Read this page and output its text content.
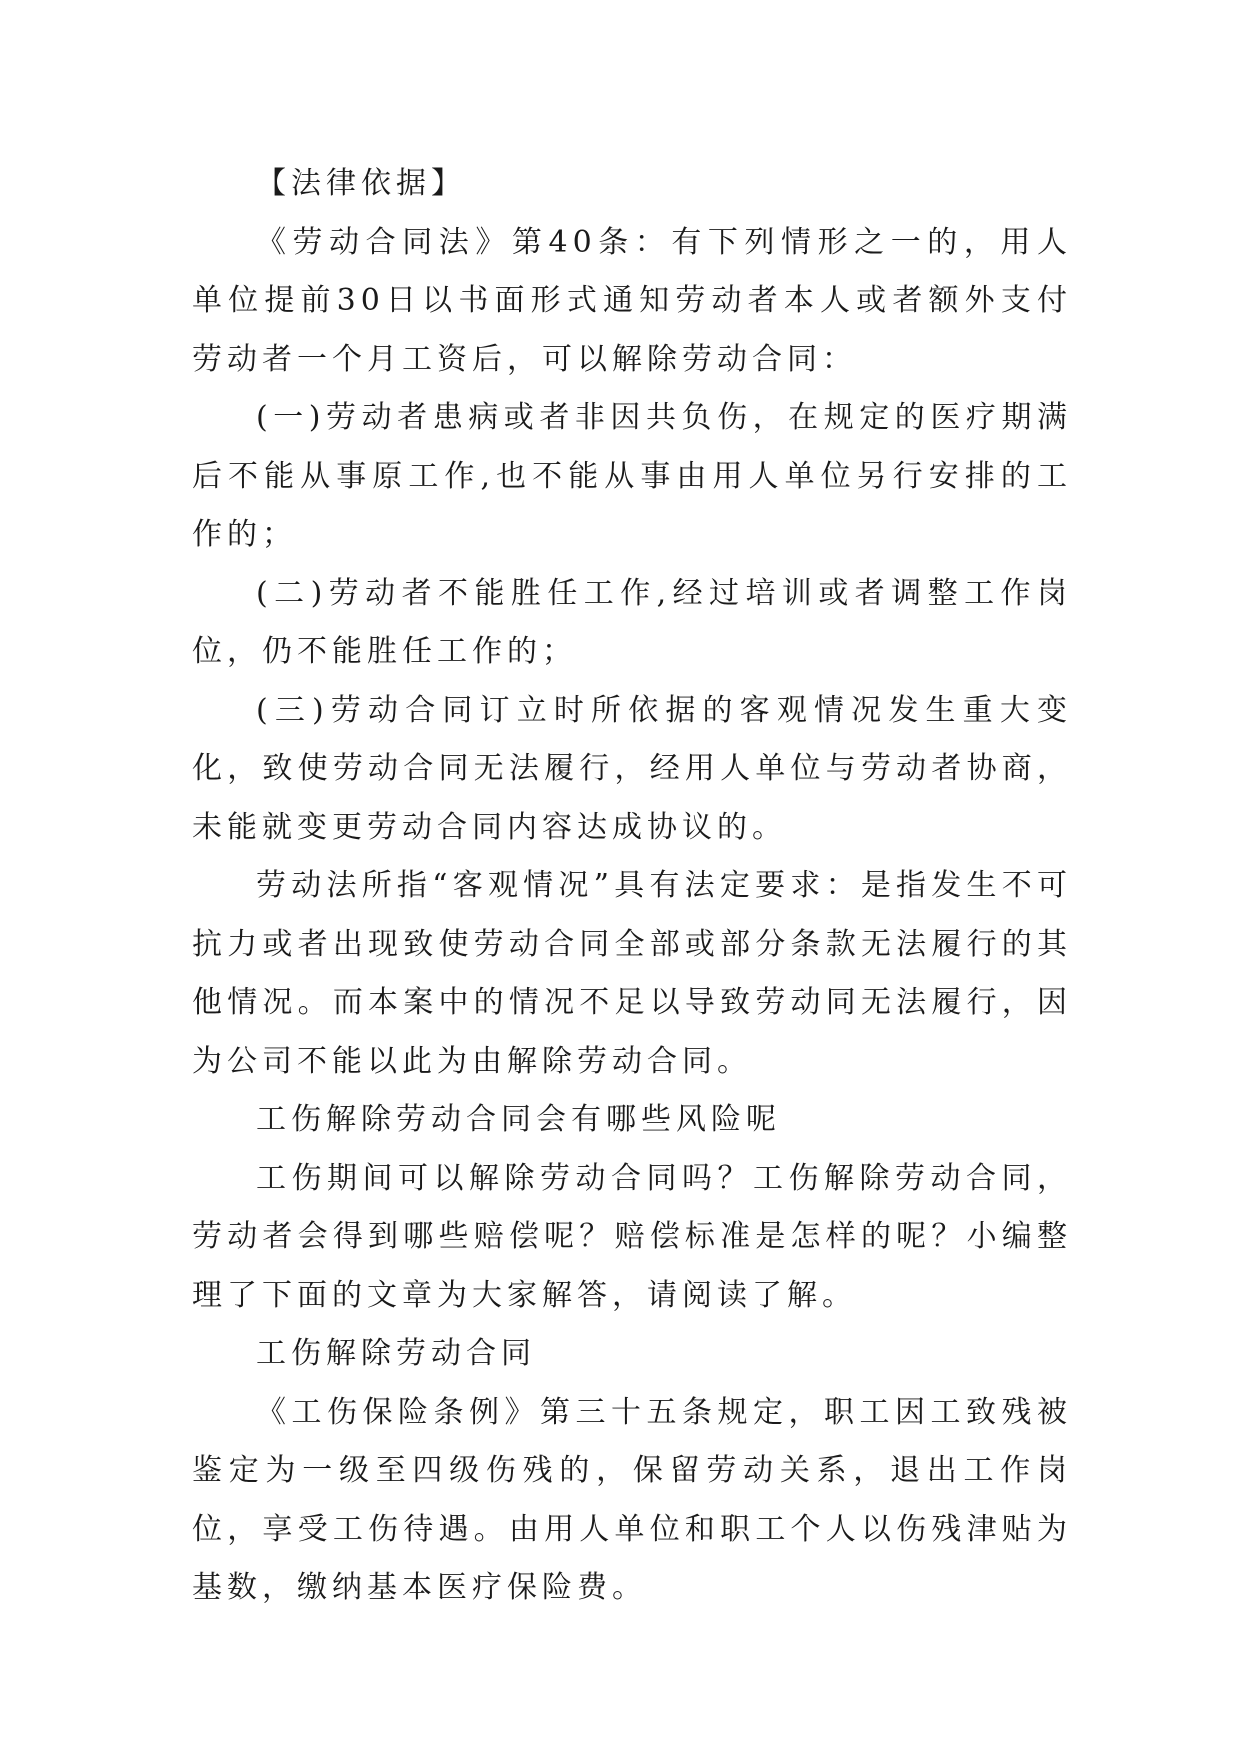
【法律依据】

《劳动合同法》第40条：有下列情形之一的，用人单位提前30日以书面形式通知劳动者本人或者额外支付劳动者一个月工资后，可以解除劳动合同：

(一)劳动者患病或者非因共负伤，在规定的医疗期满后不能从事原工作,也不能从事由用人单位另行安排的工作的；

(二)劳动者不能胜任工作,经过培训或者调整工作岗位，仍不能胜任工作的；

(三)劳动合同订立时所依据的客观情况发生重大变化，致使劳动合同无法履行，经用人单位与劳动者协商，未能就变更劳动合同内容达成协议的。

劳动法所指“客观情况”具有法定要求：是指发生不可抗力或者出现致使劳动合同全部或部分条款无法履行的其他情况。而本案中的情况不足以导致劳动同无法履行，因为公司不能以此为由解除劳动合同。

工伤解除劳动合同会有哪些风险呢

工伤期间可以解除劳动合同吗？工伤解除劳动合同，劳动者会得到哪些赔偿呢？赔偿标准是怎样的呢？小编整理了下面的文章为大家解答，请阅读了解。

工伤解除劳动合同

《工伤保险条例》第三十五条规定，职工因工致残被鉴定为一级至四级伤残的，保留劳动关系，退出工作岗位，享受工伤待遇。由用人单位和职工个人以伤残津贴为基数，缴纳基本医疗保险费。
